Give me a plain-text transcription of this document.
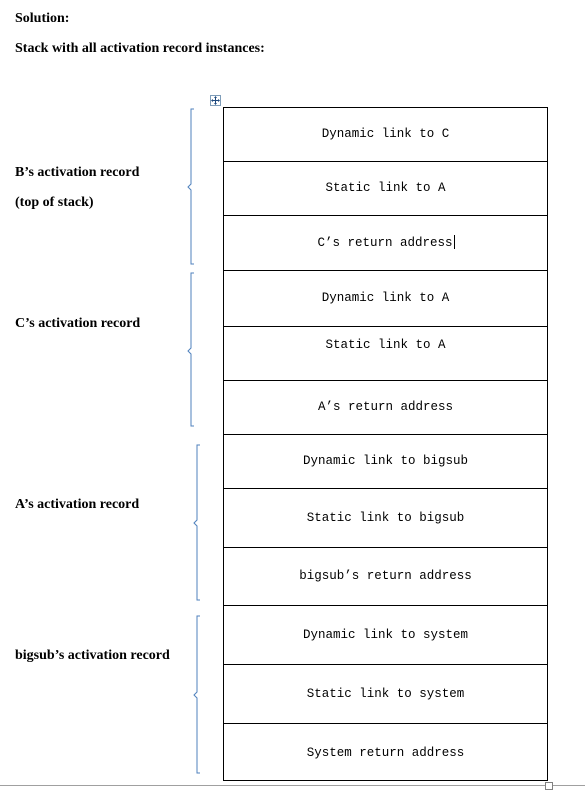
Solution:
Stack with all activation record instances:
B’s activation record
(top of stack)
C’s activation record
A’s activation record
bigsub’s activation record
Dynamic link to C
Static link to A
C’s return address
Dynamic link to A
Static link to A
A’s return address
Dynamic link to bigsub
Static link to bigsub
bigsub’s return address
Dynamic link to system
Static link to system
System return address
